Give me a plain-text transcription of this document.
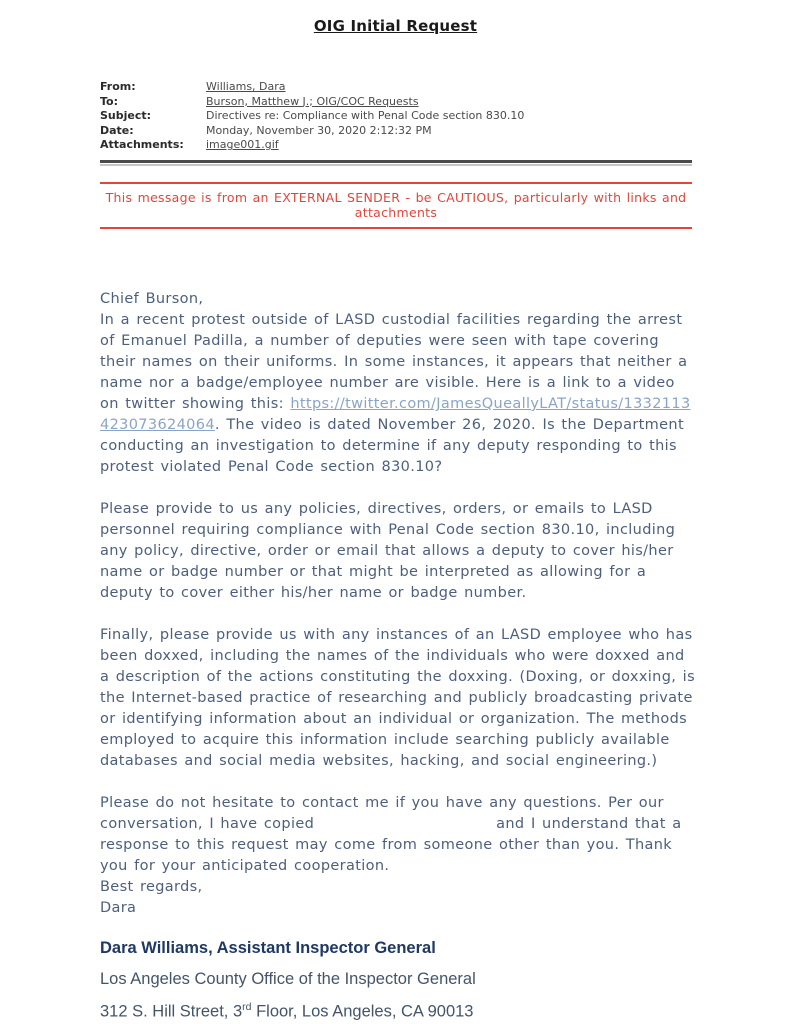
OIG Initial Request
From:	Williams, Dara
To:	Burson, Matthew J.; OIG/COC Requests
Subject:	Directives re: Compliance with Penal Code section 830.10
Date:	Monday, November 30, 2020 2:12:32 PM
Attachments:	image001.gif
This message is from an EXTERNAL SENDER - be CAUTIOUS, particularly with links and attachments
Chief Burson,
In a recent protest outside of LASD custodial facilities regarding the arrest of Emanuel Padilla, a number of deputies were seen with tape covering their names on their uniforms. In some instances, it appears that neither a name nor a badge/employee number are visible. Here is a link to a video on twitter showing this: https://twitter.com/JamesQueallyLAT/status/1332113423073624064. The video is dated November 26, 2020. Is the Department conducting an investigation to determine if any deputy responding to this protest violated Penal Code section 830.10?
Please provide to us any policies, directives, orders, or emails to LASD personnel requiring compliance with Penal Code section 830.10, including any policy, directive, order or email that allows a deputy to cover his/her name or badge number or that might be interpreted as allowing for a deputy to cover either his/her name or badge number.
Finally, please provide us with any instances of an LASD employee who has been doxxed, including the names of the individuals who were doxxed and a description of the actions constituting the doxxing. (Doxing, or doxxing, is the Internet-based practice of researching and publicly broadcasting private or identifying information about an individual or organization. The methods employed to acquire this information include searching publicly available databases and social media websites, hacking, and social engineering.)
Please do not hesitate to contact me if you have any questions. Per our conversation, I have copied	and I understand that a response to this request may come from someone other than you. Thank you for your anticipated cooperation.
Best regards,
Dara
Dara Williams, Assistant Inspector General
Los Angeles County Office of the Inspector General
312 S. Hill Street, 3rd Floor, Los Angeles, CA 90013
